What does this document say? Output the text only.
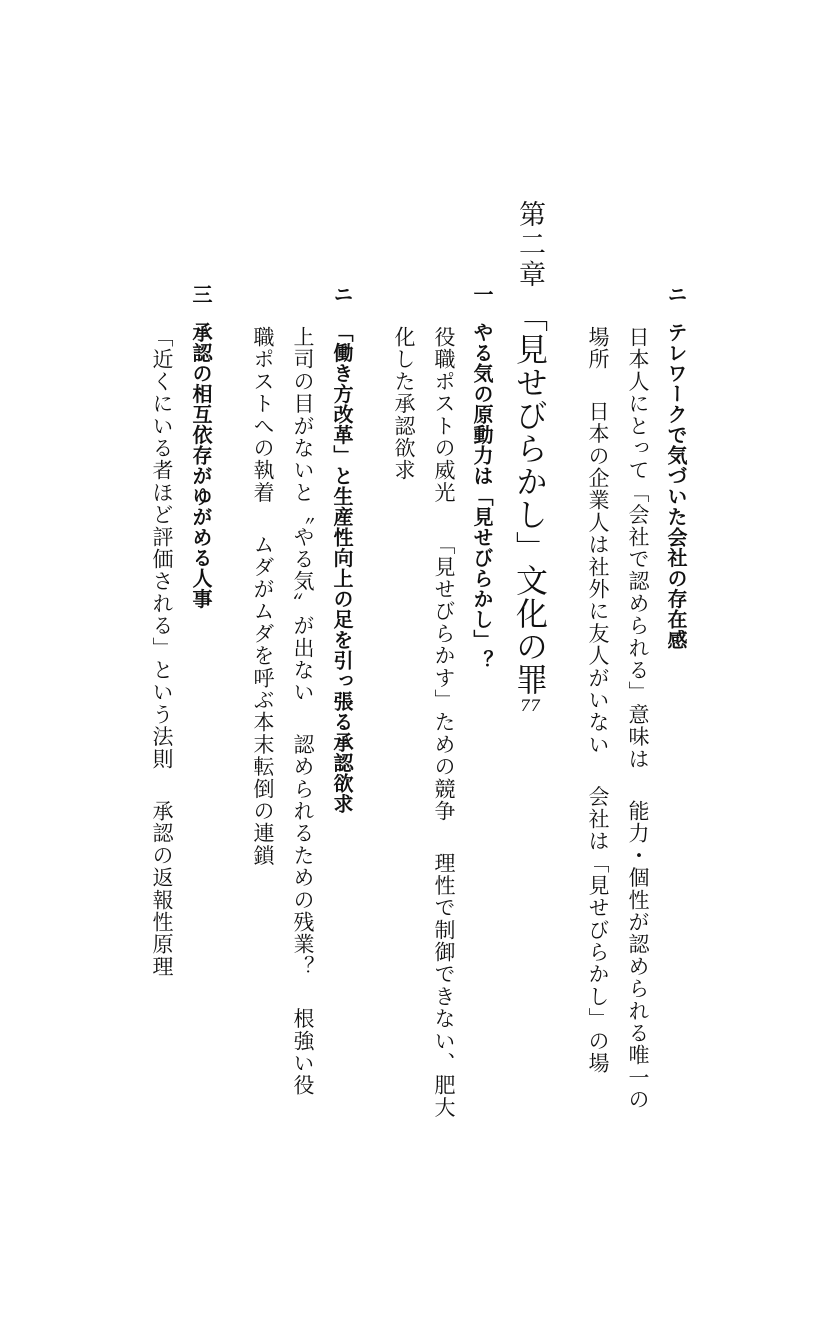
ニ
テレワークで気づいた会社の存在感
日本人にとって「会社で認められる」意味は能力・個性が認められる唯一の
場所日本の企業人は社外に友人がいない会社は「見せびらかし」の場
第二章
「見せびらかし」文化の罪
77
一
やる気の原動力は「見せびらかし」？
役職ポストの威光「見せびらかす」ための競争理性で制御できない、肥大
化した承認欲求
ニ
「働き方改革」と生産性向上の足を引っ張る承認欲求
上司の目がないと〝やる気〟が出ない認められるための残業？根強い役
職ポストへの執着ムダがムダを呼ぶ本末転倒の連鎖
三
承認の相互依存がゆがめる人事
「近くにいる者ほど評価される」という法則承認の返報性原理
